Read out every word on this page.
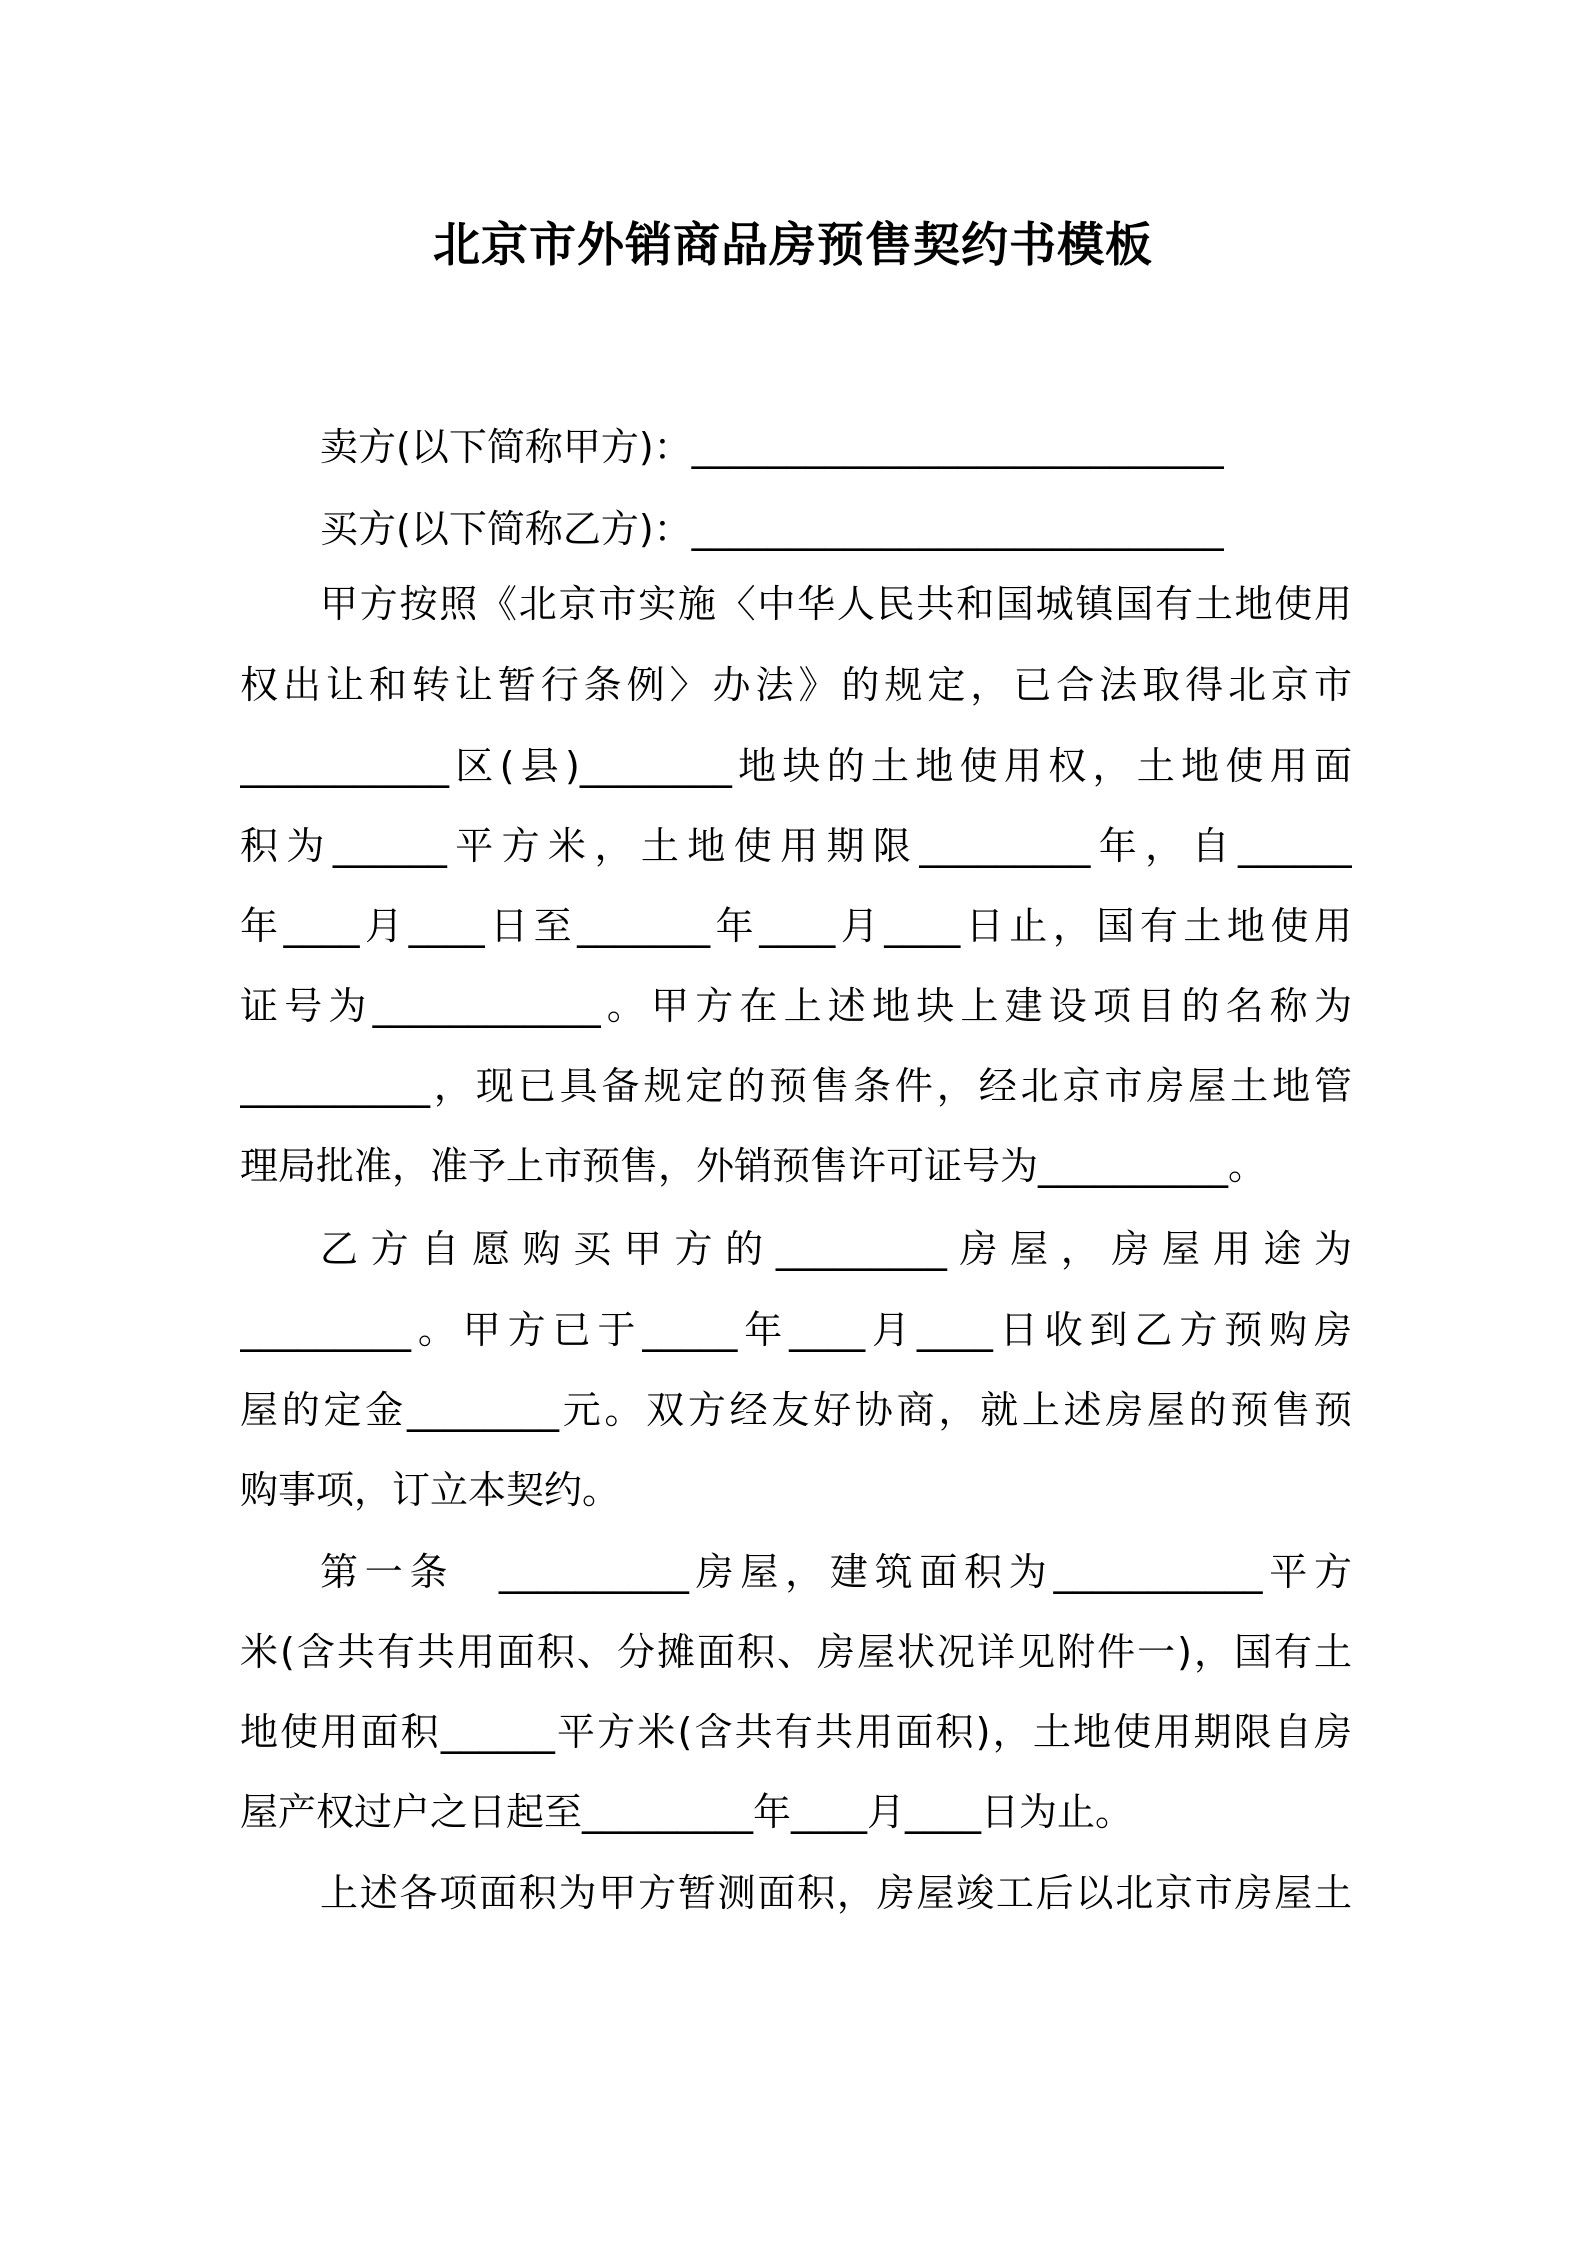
北京市外销商品房预售契约书模板
卖方(以下简称甲方)：____________________________
买方(以下简称乙方)：____________________________
甲方按照《北京市实施〈中华人民共和国城镇国有土地使用
权出让和转让暂行条例〉办法》的规定，已合法取得北京市
___________区(县)________地块的土地使用权，土地使用面
积为______平方米，土地使用期限_________年，自______
年____月____日至_______年____月____日止，国有土地使用
证号为____________。甲方在上述地块上建设项目的名称为
__________，现已具备规定的预售条件，经北京市房屋土地管
理局批准，准予上市预售，外销预售许可证号为__________。
乙方自愿购买甲方的_________房屋，房屋用途为
_________。甲方已于_____年____月____日收到乙方预购房
屋的定金________元。双方经友好协商，就上述房屋的预售预
购事项，订立本契约。
第一条　__________房屋，建筑面积为___________平方
米(含共有共用面积、分摊面积、房屋状况详见附件一)，国有土
地使用面积______平方米(含共有共用面积)，土地使用期限自房
屋产权过户之日起至_________年____月____日为止。
上述各项面积为甲方暂测面积，房屋竣工后以北京市房屋土
